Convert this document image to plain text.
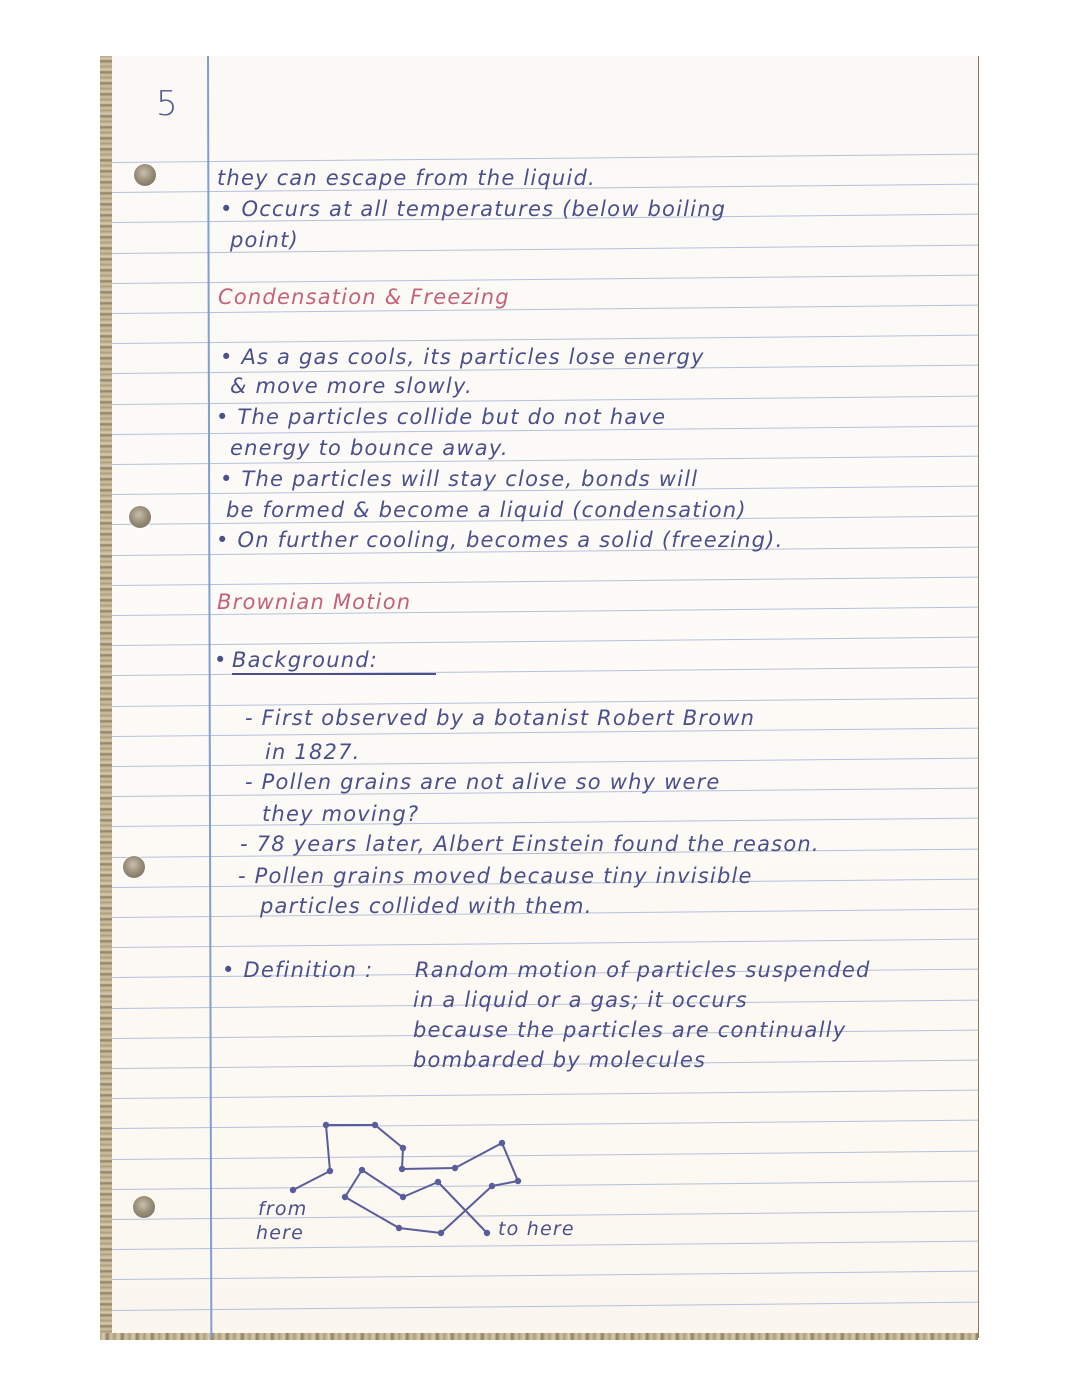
5
they can escape from the liquid.
• Occurs at all temperatures (below boiling
point)
Condensation & Freezing
• As a gas cools, its particles lose energy
& move more slowly.
• The particles collide but do not have
energy to bounce away.
• The particles will stay close, bonds will
be formed & become a liquid (condensation)
• On further cooling, becomes a solid (freezing).
Brownian Motion
• Background:
- First observed by a botanist Robert Brown
in 1827.
- Pollen grains are not alive so why were
they moving?
- 78 years later, Albert Einstein found the reason.
- Pollen grains moved because tiny invisible
particles collided with them.
• Definition : Random motion of particles suspended
in a liquid or a gas; it occurs
because the particles are continually
bombarded by molecules
from
here	to here
